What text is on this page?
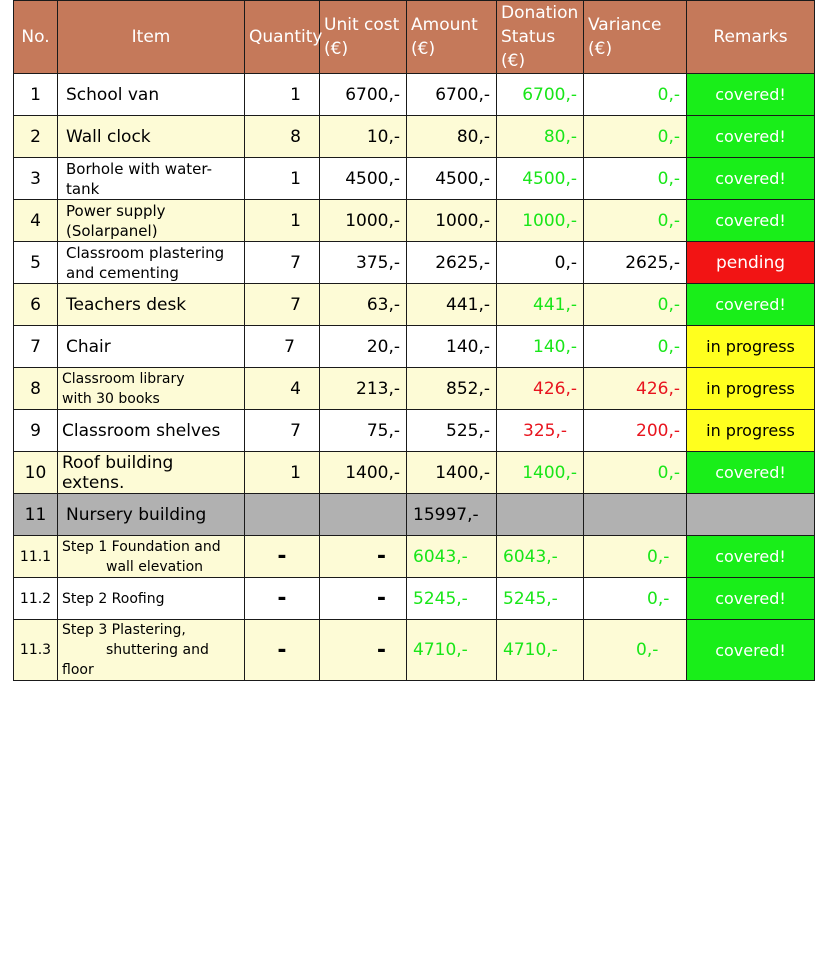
No.	Item	Quantity	Unit cost (€)	Amount (€)	Donation Status (€)	Variance (€)	Remarks
1	School van	1	6700,-	6700,-	6700,-	0,-	covered!
2	Wall clock	8	10,-	80,-	80,-	0,-	covered!
3	Borhole with water-
tank	1	4500,-	4500,-	4500,-	0,-	covered!
4	Power supply
(Solarpanel)	1	1000,-	1000,-	1000,-	0,-	covered!
5	Classroom plastering
and cementing	7	375,-	2625,-	0,-	2625,-	pending
6	Teachers desk	7	63,-	441,-	441,-	0,-	covered!
7	Chair	7	20,-	140,-	140,-	0,-	in progress
8	Classroom library
with 30 books	4	213,-	852,-	426,-	426,-	in progress
9	Classroom shelves	7	75,-	525,-	325,-	200,-	in progress
10	Roof building extens.	1	1400,-	1400,-	1400,-	0,-	covered!
11	Nursery building			15997,-			
11.1	Step 1 Foundation and
wall elevation	-	-	6043,-	6043,-	0,-	covered!
11.2	Step 2 Roofing	-	-	5245,-	5245,-	0,-	covered!
11.3	Step 3 Plastering,
shuttering and floor	-	-	4710,-	4710,-	0,-	covered!
